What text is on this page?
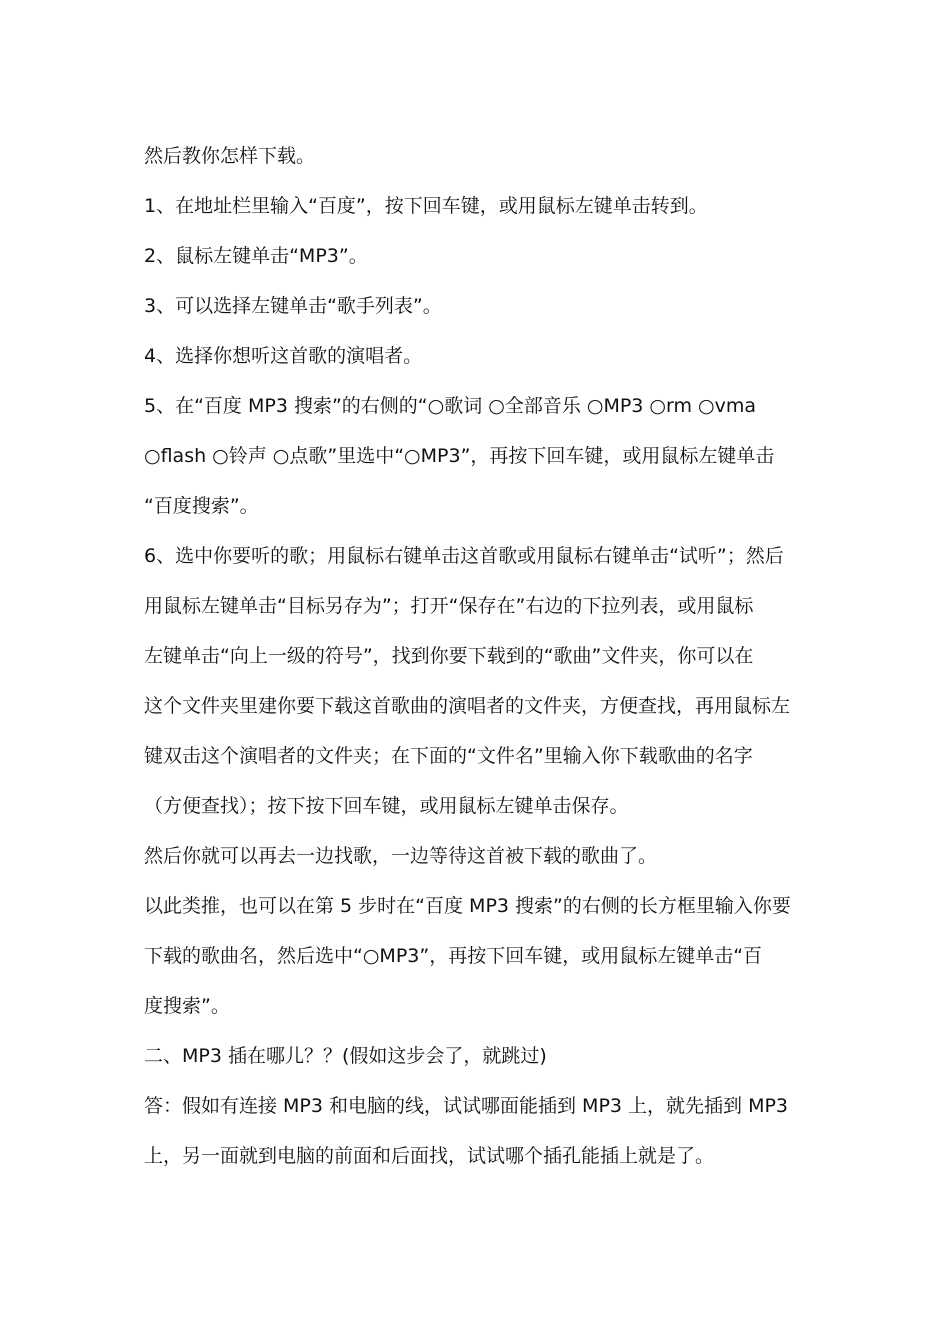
然后教你怎样下载。
1、在地址栏里输入“百度”，按下回车键，或用鼠标左键单击转到。
2、鼠标左键单击“MP3”。
3、可以选择左键单击“歌手列表”。
4、选择你想听这首歌的演唱者。
5、在“百度 MP3 搜索”的右侧的“○歌词 ○全部音乐 ○MP3 ○rm ○vma
○flash ○铃声 ○点歌”里选中“○MP3”，再按下回车键，或用鼠标左键单击
“百度搜索”。
6、选中你要听的歌；用鼠标右键单击这首歌或用鼠标右键单击“试听”；然后
用鼠标左键单击“目标另存为”；打开“保存在”右边的下拉列表，或用鼠标
左键单击“向上一级的符号”，找到你要下载到的“歌曲”文件夹，你可以在
这个文件夹里建你要下载这首歌曲的演唱者的文件夹，方便查找，再用鼠标左
键双击这个演唱者的文件夹；在下面的“文件名”里输入你下载歌曲的名字
（方便查找）；按下按下回车键，或用鼠标左键单击保存。
然后你就可以再去一边找歌，一边等待这首被下载的歌曲了。
以此类推，也可以在第 5 步时在“百度 MP3 搜索”的右侧的长方框里输入你要
下载的歌曲名，然后选中“○MP3”，再按下回车键，或用鼠标左键单击“百
度搜索”。
二、MP3 插在哪儿？？(假如这步会了，就跳过)
答：假如有连接 MP3 和电脑的线，试试哪面能插到 MP3 上，就先插到 MP3
上，另一面就到电脑的前面和后面找，试试哪个插孔能插上就是了。
